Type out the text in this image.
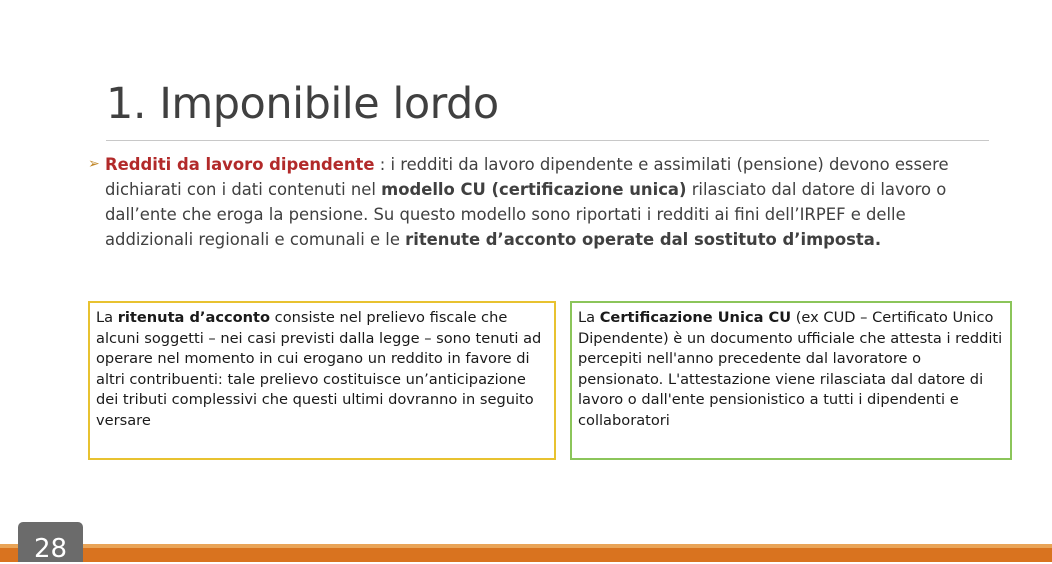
1. Imponibile lordo

➢ Redditi da lavoro dipendente : i redditi da lavoro dipendente e assimilati (pensione) devono essere dichiarati con i dati contenuti nel modello CU (certificazione unica) rilasciato dal datore di lavoro o dall’ente che eroga la pensione. Su questo modello sono riportati i redditi ai fini dell’IRPEF e delle addizionali regionali e comunali e le ritenute d’acconto operate dal sostituto d’imposta.

La ritenuta d’acconto consiste nel prelievo fiscale che alcuni soggetti – nei casi previsti dalla legge – sono tenuti ad operare nel momento in cui erogano un reddito in favore di altri contribuenti: tale prelievo costituisce un’anticipazione dei tributi complessivi che questi ultimi dovranno in seguito versare
La Certificazione Unica CU (ex CUD – Certificato Unico Dipendente) è un documento ufficiale che attesta i redditi percepiti nell'anno precedente dal lavoratore o pensionato. L'attestazione viene rilasciata dal datore di lavoro o dall'ente pensionistico a tutti i dipendenti e collaboratori
28
